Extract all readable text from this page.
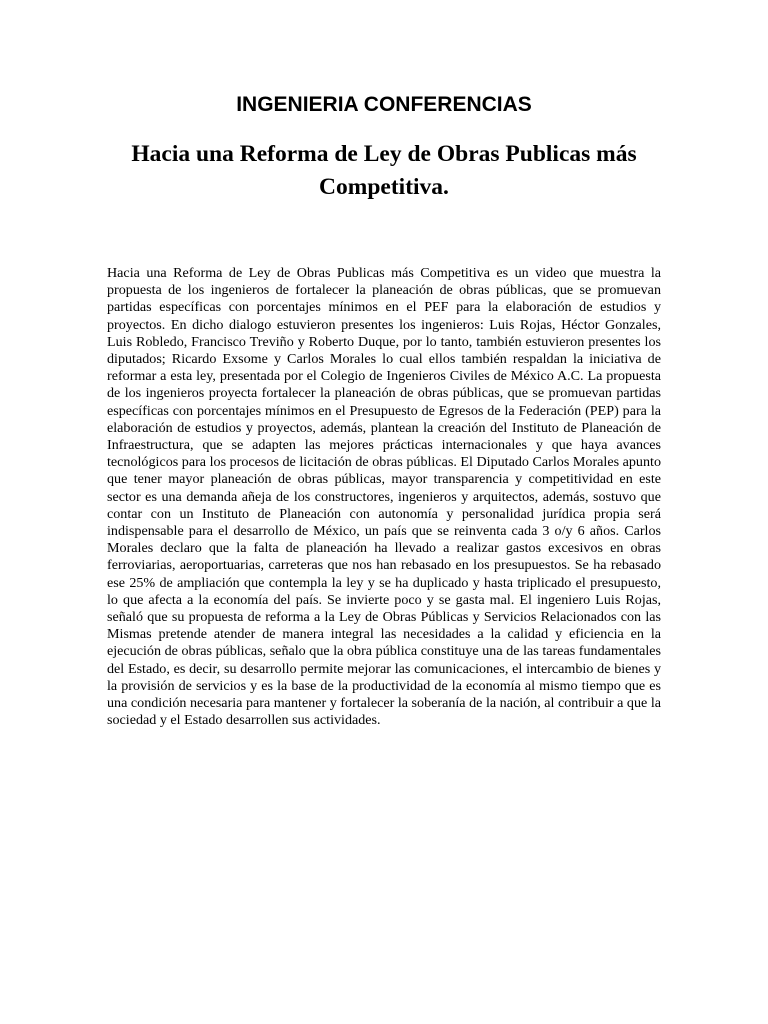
INGENIERIA CONFERENCIAS
Hacia una Reforma de Ley de Obras Publicas más Competitiva.

Hacia una Reforma de Ley de Obras Publicas más Competitiva es un video que muestra la propuesta de los ingenieros de fortalecer la planeación de obras públicas, que se promuevan partidas específicas con porcentajes mínimos en el PEF para la elaboración de estudios y proyectos. En dicho dialogo estuvieron presentes los ingenieros: Luis Rojas, Héctor Gonzales, Luis Robledo, Francisco Treviño y Roberto Duque, por lo tanto, también estuvieron presentes los diputados; Ricardo Exsome y Carlos Morales lo cual ellos también respaldan la iniciativa de reformar a esta ley, presentada por el Colegio de Ingenieros Civiles de México A.C. La propuesta de los ingenieros proyecta fortalecer la planeación de obras públicas, que se promuevan partidas específicas con porcentajes mínimos en el Presupuesto de Egresos de la Federación (PEP) para la elaboración de estudios y proyectos, además, plantean la creación del Instituto de Planeación de Infraestructura, que se adapten las mejores prácticas internacionales y que haya avances tecnológicos para los procesos de licitación de obras públicas. El Diputado Carlos Morales apunto que tener mayor planeación de obras públicas, mayor transparencia y competitividad en este sector es una demanda añeja de los constructores, ingenieros y arquitectos, además, sostuvo que contar con un Instituto de Planeación con autonomía y personalidad jurídica propia será indispensable para el desarrollo de México, un país que se reinventa cada 3 o/y 6 años. Carlos Morales declaro que la falta de planeación ha llevado a realizar gastos excesivos en obras ferroviarias, aeroportuarias, carreteras que nos han rebasado en los presupuestos. Se ha rebasado ese 25% de ampliación que contempla la ley y se ha duplicado y hasta triplicado el presupuesto, lo que afecta a la economía del país. Se invierte poco y se gasta mal. El ingeniero Luis Rojas, señaló que su propuesta de reforma a la Ley de Obras Públicas y Servicios Relacionados con las Mismas pretende atender de manera integral las necesidades a la calidad y eficiencia en la ejecución de obras públicas, señalo que la obra pública constituye una de las tareas fundamentales del Estado, es decir, su desarrollo permite mejorar las comunicaciones, el intercambio de bienes y la provisión de servicios y es la base de la productividad de la economía al mismo tiempo que es una condición necesaria para mantener y fortalecer la soberanía de la nación, al contribuir a que la sociedad y el Estado desarrollen sus actividades.
